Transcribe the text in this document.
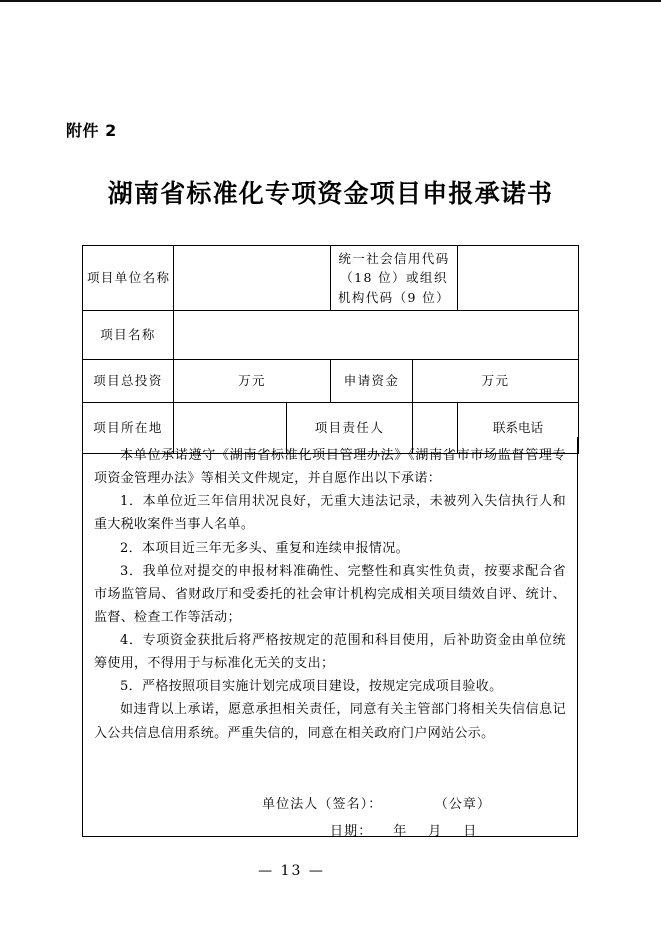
附件 2
湖南省标准化专项资金项目申报承诺书
项目单位名称			统一社会信用代码（18 位）或组织机构代码（9 位）			
项目名称						
项目总投资	万元		申请资金	万元		
项目所在地		项目责任人			联系电话	

本单位承诺遵守《湖南省标准化项目管理办法》《湖南省市市场监督管理专项资金管理办法》等相关文件规定，并自愿作出以下承诺：

1．本单位近三年信用状况良好，无重大违法记录，未被列入失信执行人和重大税收案件当事人名单。

2．本项目近三年无多头、重复和连续申报情况。

3．我单位对提交的申报材料准确性、完整性和真实性负责，按要求配合省市场监管局、省财政厅和受委托的社会审计机构完成相关项目绩效自评、统计、监督、检查工作等活动；

4．专项资金获批后将严格按规定的范围和科目使用，后补助资金由单位统筹使用，不得用于与标准化无关的支出；

5．严格按照项目实施计划完成项目建设，按规定完成项目验收。

如违背以上承诺，愿意承担相关责任，同意有关主管部门将相关失信信息记入公共信息信用系统。严重失信的，同意在相关政府门户网站公示。

单位法人（签名）：          （公章）

日期：    年    月    日

— 13 —
